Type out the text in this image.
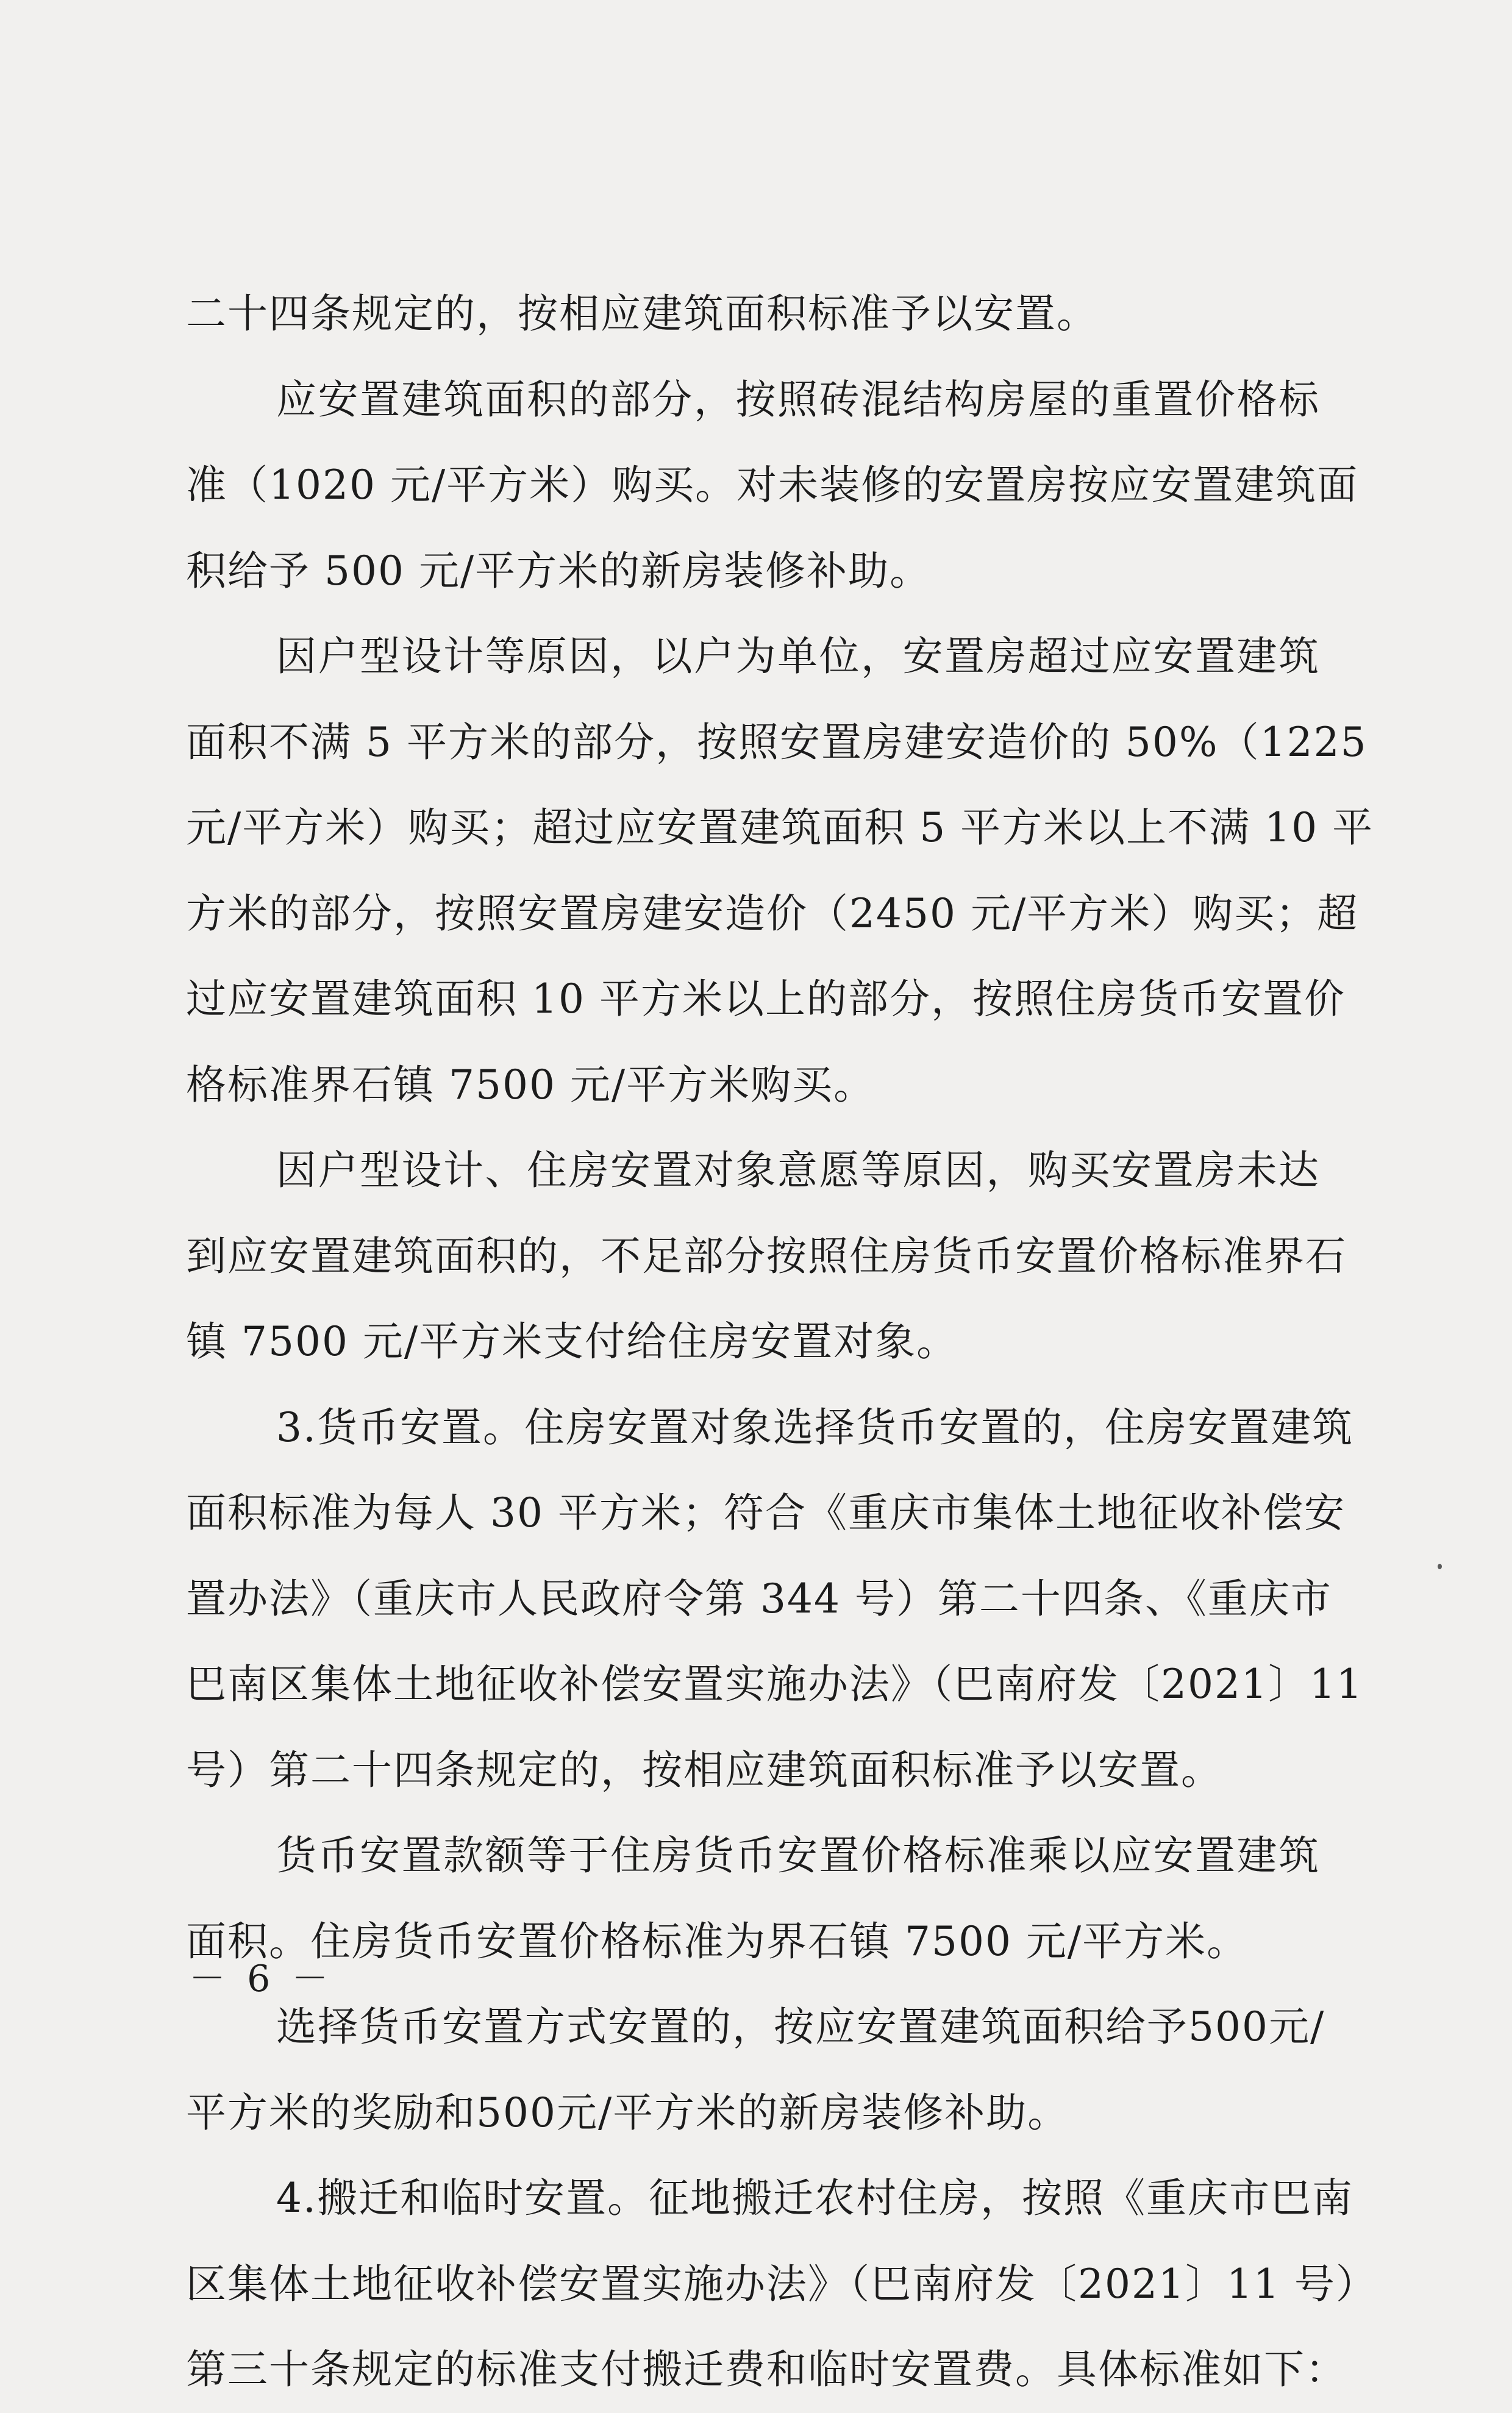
二十四条规定的，按相应建筑面积标准予以安置。
应安置建筑面积的部分，按照砖混结构房屋的重置价格标
准（1020 元/平方米）购买。对未装修的安置房按应安置建筑面
积给予 500 元/平方米的新房装修补助。
因户型设计等原因，以户为单位，安置房超过应安置建筑
面积不满 5 平方米的部分，按照安置房建安造价的 50%（1225
元/平方米）购买；超过应安置建筑面积 5 平方米以上不满 10 平
方米的部分，按照安置房建安造价（2450 元/平方米）购买；超
过应安置建筑面积 10 平方米以上的部分，按照住房货币安置价
格标准界石镇 7500 元/平方米购买。
因户型设计、住房安置对象意愿等原因，购买安置房未达
到应安置建筑面积的，不足部分按照住房货币安置价格标准界石
镇 7500 元/平方米支付给住房安置对象。
3.货币安置。住房安置对象选择货币安置的，住房安置建筑
面积标准为每人 30 平方米；符合《重庆市集体土地征收补偿安
置办法》（重庆市人民政府令第 344 号）第二十四条、《重庆市
巴南区集体土地征收补偿安置实施办法》（巴南府发〔2021〕11
号）第二十四条规定的，按相应建筑面积标准予以安置。
货币安置款额等于住房货币安置价格标准乘以应安置建筑
面积。住房货币安置价格标准为界石镇 7500 元/平方米。
选择货币安置方式安置的，按应安置建筑面积给予500元/
平方米的奖励和500元/平方米的新房装修补助。
4.搬迁和临时安置。征地搬迁农村住房，按照《重庆市巴南
区集体土地征收补偿安置实施办法》（巴南府发〔2021〕11 号）
第三十条规定的标准支付搬迁费和临时安置费。具体标准如下：
－ 6 －
